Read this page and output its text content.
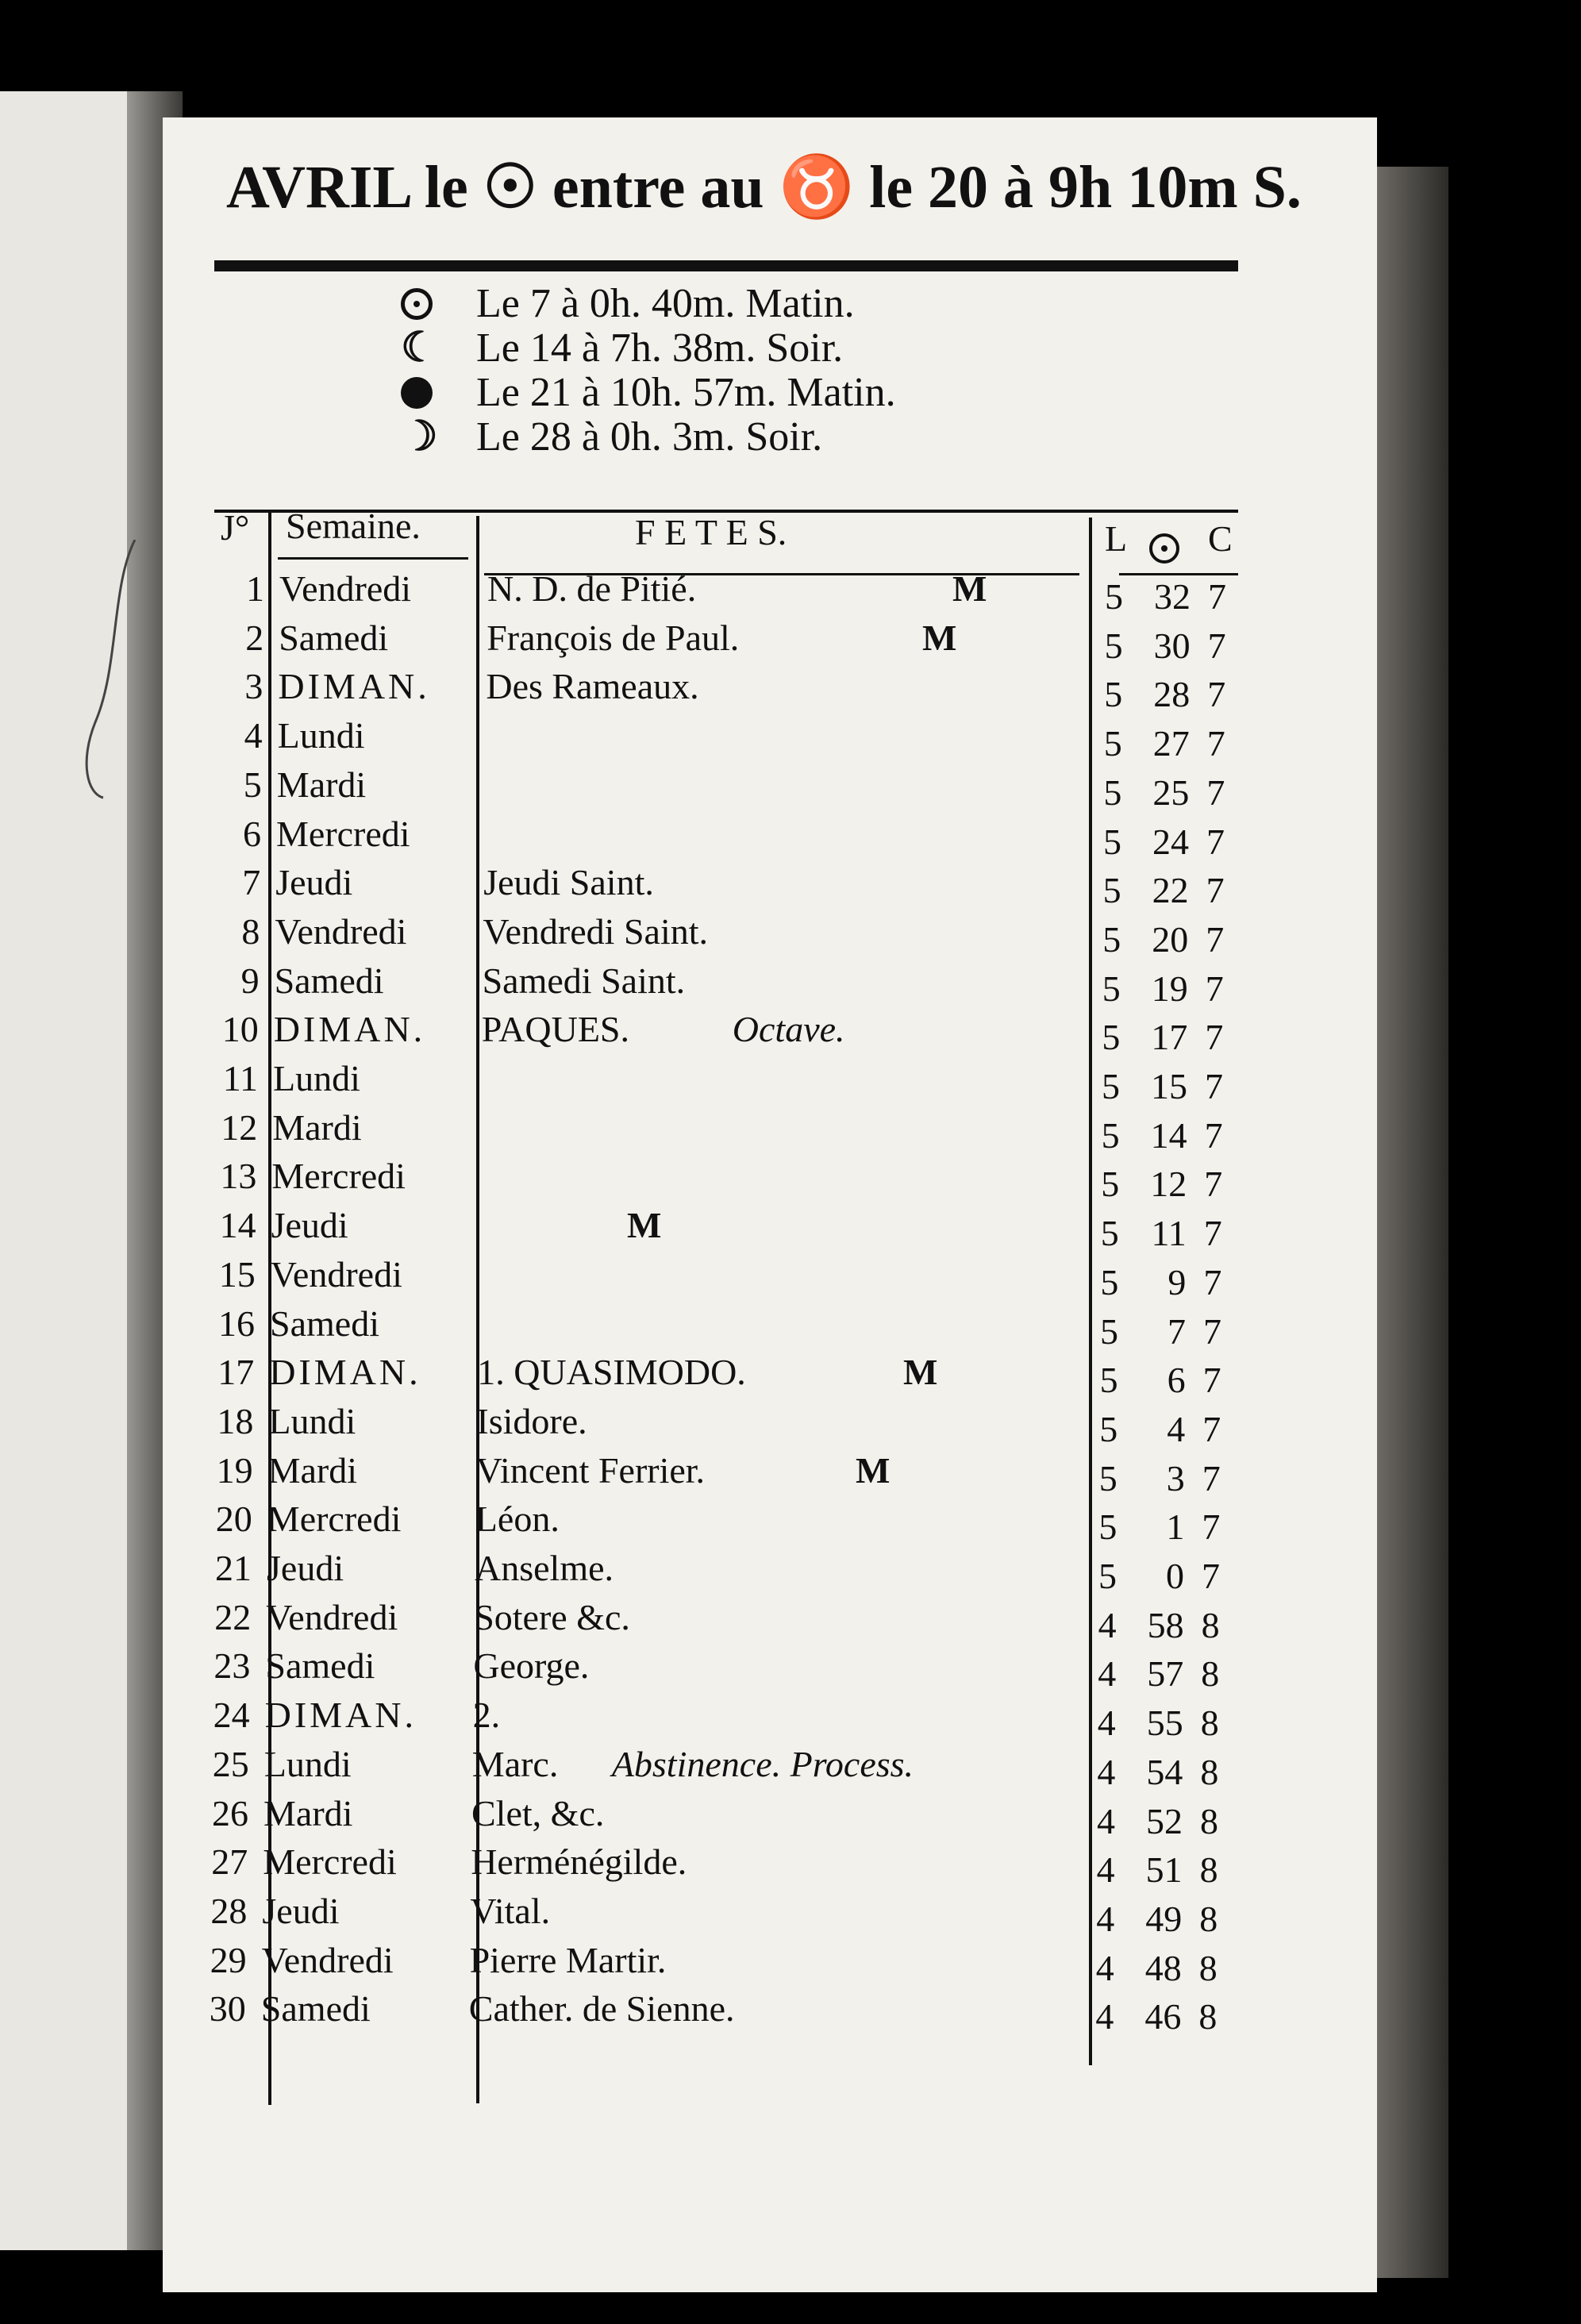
AVRIL le ☉ entre au ♉ le 20 à 9h 10m S.
Le 7 à 0h. 40m. Matin.
☾ Le 14 à 7h. 38m. Soir.
Le 21 à 10h. 57m. Matin.
☽ Le 28 à 0h. 3m. Soir.
J° Semaine.	F E T E S.	L C
1 Vendredi N. D. de Pitié.	M	5 32 7
2 Samedi	François de Paul.	M	5 30 7
3 DIMAN. Des Rameaux.	5 28 7
4 Lundi	5 27 7
5 Mardi	5 25 7
6 Mercredi	5 24 7
7 Jeudi	Jeudi Saint.	5 22 7
8 Vendredi Vendredi Saint.	5 20 7
9 Samedi	Samedi Saint.	5 19 7
10 DIMAN. PAQUES.	Octave.	5 17 7
11 Lundi	5 15 7
12 Mardi	5 14 7
13 Mercredi	5 12 7
14 Jeudi	M	5 11 7
15 Vendredi	5	9 7
16 Samedi	5	7 7
17 DIMAN. 1. QUASIMODO.	M	5	6 7
18 Lundi	Isidore.	5	4 7
19 Mardi	Vincent Ferrier.	M	5	3 7
20 Mercredi Léon.	5	1 7
21 Jeudi	Anselme.	5	0 7
22 Vendredi Sotere &c.	4 58 8
23 Samedi	George.	4 57 8
24 DIMAN. 2.	4 55 8
25 Lundi	Marc. Abstinence. Process.	4 54 8
26 Mardi	Clet, &c.	4 52 8
27 Mercredi Herménégilde.	4 51 8
28 Jeudi	Vital.	4 49 8
29 Vendredi Pierre Martir.	4 48 8
30 Samedi	Cather. de Sienne.	4 46 8
